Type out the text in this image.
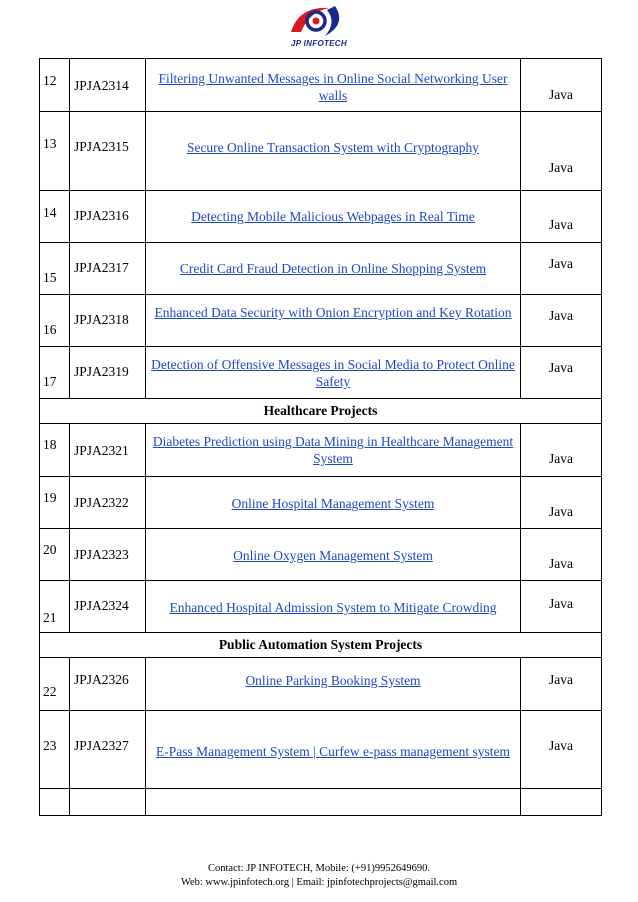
JP INFOTECH
12	JPJA2314	Filtering Unwanted Messages in Online Social Networking User walls	Java

13	JPJA2315	Secure Online Transaction System with Cryptography	Java

14	JPJA2316	Detecting Mobile Malicious Webpages in Real Time	Java

15	JPJA2317	Credit Card Fraud Detection in Online Shopping System	Java

16	JPJA2318	Enhanced Data Security with Onion Encryption and Key Rotation	Java

17	JPJA2319	Detection of Offensive Messages in Social Media to Protect Online Safety	Java

Healthcare Projects			

18	JPJA2321	Diabetes Prediction using Data Mining in Healthcare Management System	Java

19	JPJA2322	Online Hospital Management System	Java

20	JPJA2323	Online Oxygen Management System	Java

21	JPJA2324	Enhanced Hospital Admission System to Mitigate Crowding	Java

Public Automation System Projects			

22	JPJA2326	Online Parking Booking System	Java

23	JPJA2327	E-Pass Management System | Curfew e-pass management system	Java

Contact: JP INFOTECH, Mobile: (+91)9952649690.
Web: www.jpinfotech.org | Email: jpinfotechprojects@gmail.com
